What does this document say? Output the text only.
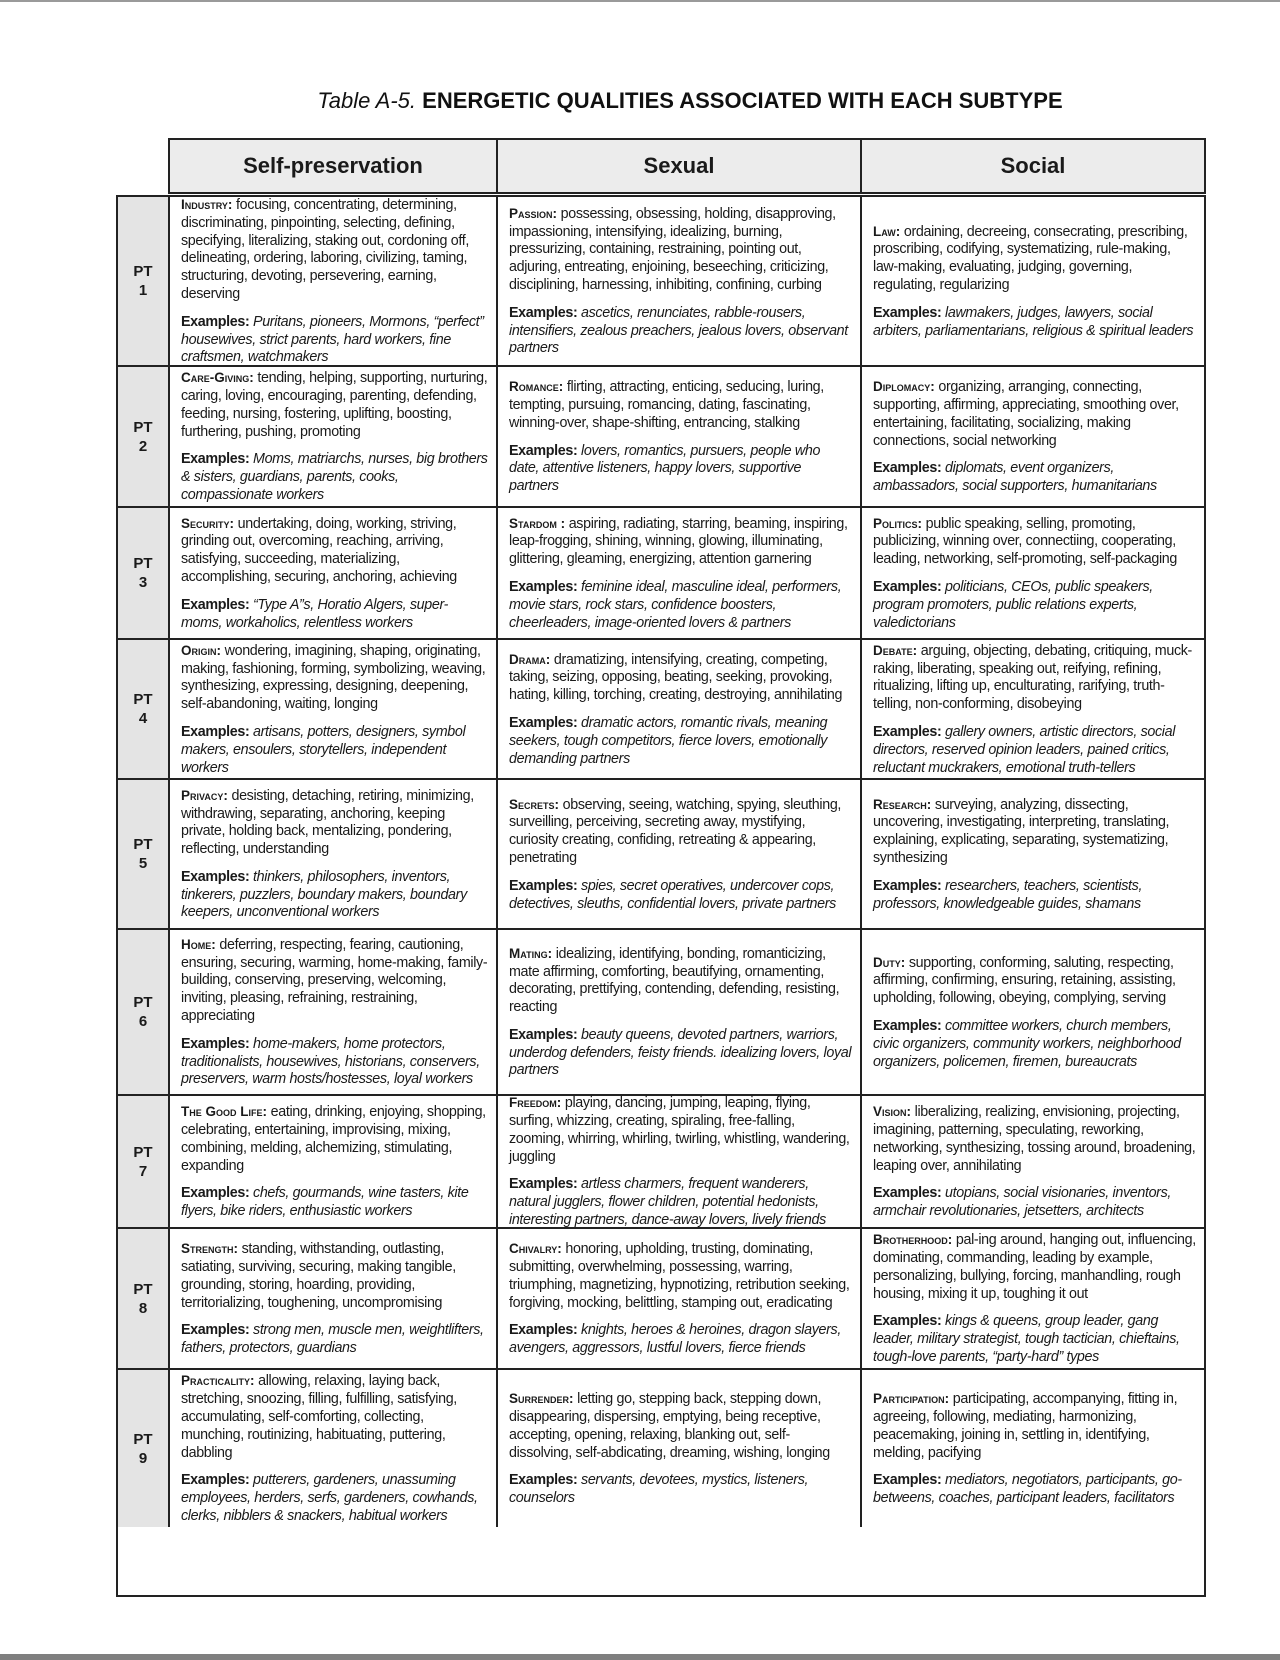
Table A-5. ENERGETIC QUALITIES ASSOCIATED WITH EACH SUBTYPE
Self-preservation	Sexual	Social
PT
1

Industry: focusing, concentrating, determining, discriminating, pinpointing, selecting, defining, specifying, literalizing, staking out, cordoning off, delineating, ordering, laboring, civilizing, taming, structuring, devoting, persevering, earning, deserving

Examples: Puritans, pioneers, Mormons, “perfect” housewives, strict parents, hard workers, fine craftsmen, watchmakers

Passion: possessing, obsessing, holding, disapproving, impassioning, intensifying, idealizing, burning, pressurizing, containing, restraining, pointing out, adjuring, entreating, enjoining, beseeching, criticizing, disciplining, harnessing, inhibiting, confining, curbing

Examples: ascetics, renunciates, rabble-rousers, intensifiers, zealous preachers, jealous lovers, observant partners

Law: ordaining, decreeing, consecrating, prescribing, proscribing, codifying, systematizing, rule-making, law-making, evaluating, judging, governing, regulating, regularizing

Examples: lawmakers, judges, lawyers, social arbiters, parliamentarians, religious & spiritual leaders

PT
2

Care-Giving: tending, helping, supporting, nurturing, caring, loving, encouraging, parenting, defending, feeding, nursing, fostering, uplifting, boosting, furthering, pushing, promoting

Examples: Moms, matriarchs, nurses, big brothers & sisters, guardians, parents, cooks, compassionate workers

Romance: flirting, attracting, enticing, seducing, luring, tempting, pursuing, romancing, dating, fascinating, winning-over, shape-shifting, entrancing, stalking

Examples: lovers, romantics, pursuers, people who date, attentive listeners, happy lovers, supportive partners

Diplomacy: organizing, arranging, connecting, supporting, affirming, appreciating, smoothing over, entertaining, facilitating, socializing, making connections, social networking

Examples: diplomats, event organizers, ambassadors, social supporters, humanitarians

PT
3

Security: undertaking, doing, working, striving, grinding out, overcoming, reaching, arriving, satisfying, succeeding, materializing, accomplishing, securing, anchoring, achieving

Examples: “Type A”s, Horatio Algers, super-moms, workaholics, relentless workers

Stardom : aspiring, radiating, starring, beaming, inspiring, leap-frogging, shining, winning, glowing, illuminating, glittering, gleaming, energizing, attention garnering

Examples: feminine ideal, masculine ideal, performers, movie stars, rock stars, confidence boosters, cheerleaders, image-oriented lovers & partners

Politics: public speaking, selling, promoting, publicizing, winning over, connectiing, cooperating, leading, networking, self-promoting, self-packaging

Examples: politicians, CEOs, public speakers, program promoters, public relations experts, valedictorians

PT
4

Origin: wondering, imagining, shaping, originating, making, fashioning, forming, symbolizing, weaving, synthesizing, expressing, designing, deepening, self-abandoning, waiting, longing

Examples: artisans, potters, designers, symbol makers, ensoulers, storytellers, independent workers

Drama: dramatizing, intensifying, creating, competing, taking, seizing, opposing, beating, seeking, provoking, hating, killing, torching, creating, destroying, annihilating

Examples: dramatic actors, romantic rivals, meaning seekers, tough competitors, fierce lovers, emotionally demanding partners

Debate: arguing, objecting, debating, critiquing, muck-raking, liberating, speaking out, reifying, refining, ritualizing, lifting up, enculturating, rarifying, truth-telling, non-conforming, disobeying

Examples: gallery owners, artistic directors, social directors, reserved opinion leaders, pained critics, reluctant muckrakers, emotional truth-tellers

PT
5

Privacy: desisting, detaching, retiring, minimizing, withdrawing, separating, anchoring, keeping private, holding back, mentalizing, pondering, reflecting, understanding

Examples: thinkers, philosophers, inventors, tinkerers, puzzlers, boundary makers, boundary keepers, unconventional workers

Secrets: observing, seeing, watching, spying, sleuthing, surveilling, perceiving, secreting away, mystifying, curiosity creating, confiding, retreating & appearing, penetrating

Examples: spies, secret operatives, undercover cops, detectives, sleuths, confidential lovers, private partners

Research: surveying, analyzing, dissecting, uncovering, investigating, interpreting, translating, explaining, explicating, separating, systematizing, synthesizing

Examples: researchers, teachers, scientists, professors, knowledgeable guides, shamans

PT
6

Home: deferring, respecting, fearing, cautioning, ensuring, securing, warming, home-making, family-building, conserving, preserving, welcoming, inviting, pleasing, refraining, restraining, appreciating

Examples: home-makers, home protectors, traditionalists, housewives, historians, conservers, preservers, warm hosts/hostesses, loyal workers

Mating: idealizing, identifying, bonding, romanticizing, mate affirming, comforting, beautifying, ornamenting, decorating, prettifying, contending, defending, resisting, reacting

Examples: beauty queens, devoted partners, warriors, underdog defenders, feisty friends. idealizing lovers, loyal partners

Duty: supporting, conforming, saluting, respecting, affirming, confirming, ensuring, retaining, assisting, upholding, following, obeying, complying, serving

Examples: committee workers, church members, civic organizers, community workers, neighborhood organizers, policemen, firemen, bureaucrats

PT
7

The Good Life: eating, drinking, enjoying, shopping, celebrating, entertaining, improvising, mixing, combining, melding, alchemizing, stimulating, expanding

Examples: chefs, gourmands, wine tasters, kite flyers, bike riders, enthusiastic workers

Freedom: playing, dancing, jumping, leaping, flying, surfing, whizzing, creating, spiraling, free-falling, zooming, whirring, whirling, twirling, whistling, wandering, juggling

Examples: artless charmers, frequent wanderers, natural jugglers, flower children, potential hedonists, interesting partners, dance-away lovers, lively friends

Vision: liberalizing, realizing, envisioning, projecting, imagining, patterning, speculating, reworking, networking, synthesizing, tossing around, broadening, leaping over, annihilating

Examples: utopians, social visionaries, inventors, armchair revolutionaries, jetsetters, architects

PT
8

Strength: standing, withstanding, outlasting, satiating, surviving, securing, making tangible, grounding, storing, hoarding, providing, territorializing, toughening, uncompromising

Examples: strong men, muscle men, weightlifters, fathers, protectors, guardians

Chivalry: honoring, upholding, trusting, dominating, submitting, overwhelming, possessing, warring, triumphing, magnetizing, hypnotizing, retribution seeking, forgiving, mocking, belittling, stamping out, eradicating

Examples: knights, heroes & heroines, dragon slayers, avengers, aggressors, lustful lovers, fierce friends

Brotherhood: pal-ing around, hanging out, influencing, dominating, commanding, leading by example, personalizing, bullying, forcing, manhandling, rough housing, mixing it up, toughing it out

Examples: kings & queens, group leader, gang leader, military strategist, tough tactician, chieftains, tough-love parents, “party-hard” types

PT
9

Practicality: allowing, relaxing, laying back, stretching, snoozing, filling, fulfilling, satisfying, accumulating, self-comforting, collecting, munching, routinizing, habituating, puttering, dabbling

Examples: putterers, gardeners, unassuming employees, herders, serfs, gardeners, cowhands, clerks, nibblers & snackers, habitual workers

Surrender: letting go, stepping back, stepping down, disappearing, dispersing, emptying, being receptive, accepting, opening, relaxing, blanking out, self-dissolving, self-abdicating, dreaming, wishing, longing

Examples: servants, devotees, mystics, listeners, counselors

Participation: participating, accompanying, fitting in, agreeing, following, mediating, harmonizing, peacemaking, joining in, settling in, identifying, melding, pacifying

Examples: mediators, negotiators, participants, go-betweens, coaches, participant leaders, facilitators
